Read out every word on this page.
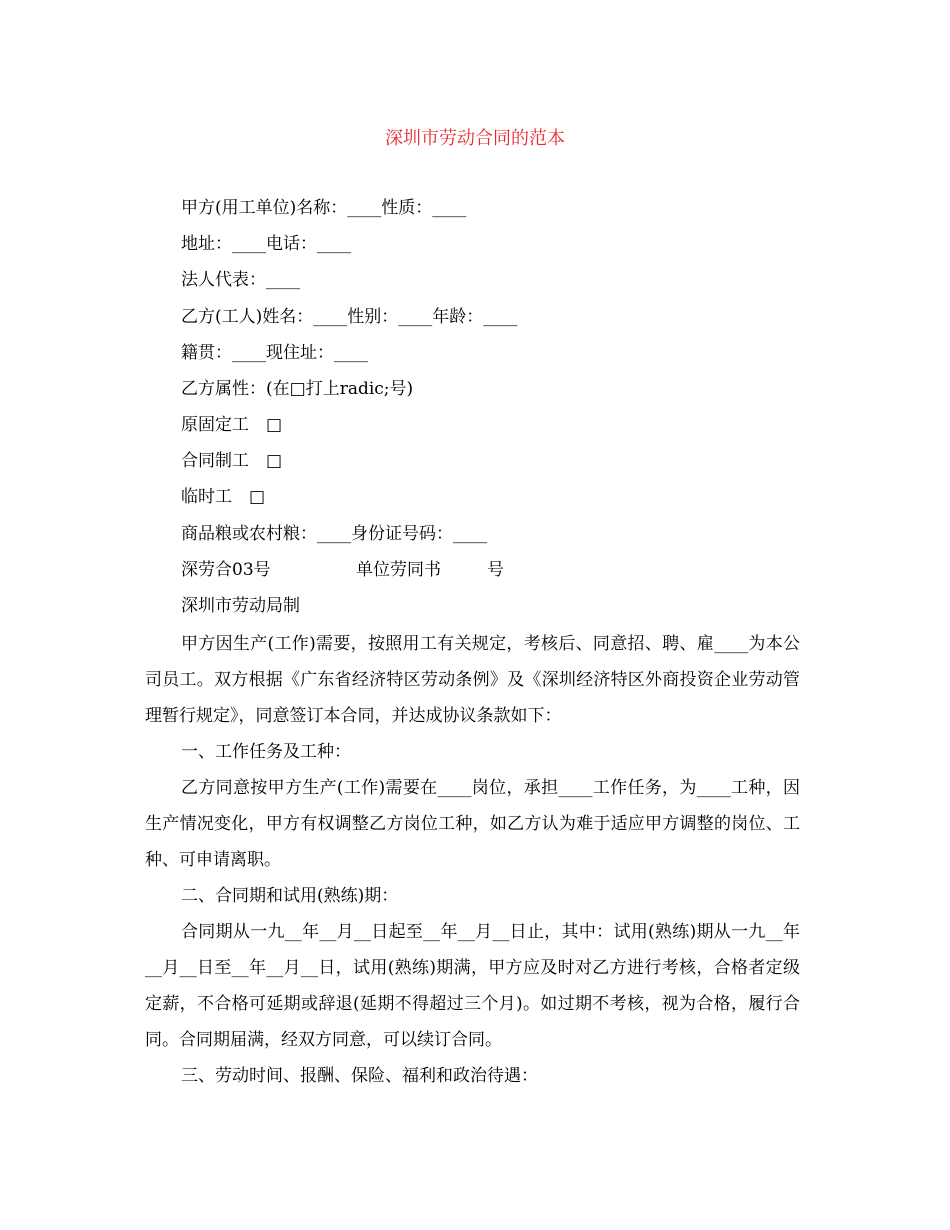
深圳市劳动合同的范本
甲方(用工单位)名称：____性质：____
地址：____电话：____
法人代表：____
乙方(工人)姓名：____性别：____年龄：____
籍贯：____现住址：____
乙方属性：(在□打上radic;号)
原固定工　□
合同制工　□
临时工　□
商品粮或农村粮：____身份证号码：____
深劳合03号	单位劳同书	号
深圳市劳动局制
甲方因生产(工作)需要，按照用工有关规定，考核后、同意招、聘、雇____为本公司员工。双方根据《广东省经济特区劳动条例》及《深圳经济特区外商投资企业劳动管理暂行规定》，同意签订本合同，并达成协议条款如下：
一、工作任务及工种：
乙方同意按甲方生产(工作)需要在____岗位，承担____工作任务，为____工种，因生产情况变化，甲方有权调整乙方岗位工种，如乙方认为难于适应甲方调整的岗位、工种、可申请离职。
二、合同期和试用(熟练)期：
合同期从一九__年__月__日起至__年__月__日止，其中：试用(熟练)期从一九__年__月__日至__年__月__日，试用(熟练)期满，甲方应及时对乙方进行考核，合格者定级定薪，不合格可延期或辞退(延期不得超过三个月)。如过期不考核，视为合格，履行合同。合同期届满，经双方同意，可以续订合同。
三、劳动时间、报酬、保险、福利和政治待遇：
